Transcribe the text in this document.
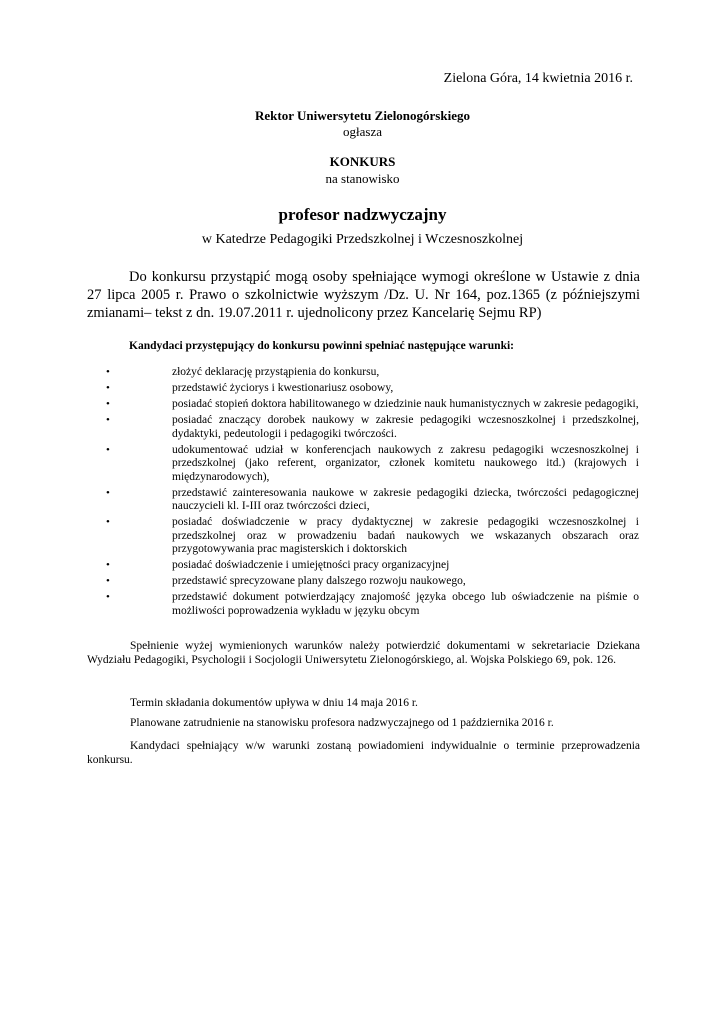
Zielona Góra, 14 kwietnia 2016 r.
Rektor Uniwersytetu Zielonogórskiego
ogłasza
KONKURS
na stanowisko
profesor nadzwyczajny
w Katedrze Pedagogiki Przedszkolnej i Wczesnoszkolnej
Do konkursu przystąpić mogą osoby spełniające wymogi określone w Ustawie z dnia 27 lipca 2005 r. Prawo o szkolnictwie wyższym /Dz. U. Nr 164, poz.1365 (z późniejszymi zmianami– tekst z dn. 19.07.2011 r. ujednolicony przez Kancelarię Sejmu RP)
Kandydaci przystępujący do konkursu powinni spełniać następujące warunki:
•	złożyć deklarację przystąpienia do konkursu,
•	przedstawić życiorys i kwestionariusz osobowy,
•	posiadać stopień doktora habilitowanego w dziedzinie nauk humanistycznych w zakresie pedagogiki,
•	posiadać znaczący dorobek naukowy w zakresie pedagogiki wczesnoszkolnej i przedszkolnej, dydaktyki, pedeutologii i pedagogiki twórczości.
•	udokumentować udział w konferencjach naukowych z zakresu pedagogiki wczesnoszkolnej i przedszkolnej (jako referent, organizator, członek komitetu naukowego itd.) (krajowych i międzynarodowych),
•	przedstawić zainteresowania naukowe w zakresie pedagogiki dziecka, twórczości pedagogicznej nauczycieli kl. I-III oraz twórczości dzieci,
•	posiadać doświadczenie w pracy dydaktycznej w zakresie pedagogiki wczesnoszkolnej i przedszkolnej oraz w prowadzeniu badań naukowych we wskazanych obszarach oraz przygotowywania prac magisterskich i doktorskich
•	posiadać doświadczenie i umiejętności pracy organizacyjnej
•	przedstawić sprecyzowane plany dalszego rozwoju naukowego,
•	przedstawić dokument potwierdzający znajomość języka obcego lub oświadczenie na piśmie o możliwości poprowadzenia wykładu w języku obcym
Spełnienie wyżej wymienionych warunków należy potwierdzić dokumentami w sekretariacie Dziekana Wydziału Pedagogiki, Psychologii i Socjologii Uniwersytetu Zielonogórskiego, al. Wojska Polskiego 69, pok. 126.
Termin składania dokumentów upływa w dniu 14 maja 2016 r.
Planowane zatrudnienie na stanowisku profesora nadzwyczajnego od 1 października 2016 r.
Kandydaci spełniający w/w warunki zostaną powiadomieni indywidualnie o terminie przeprowadzenia konkursu.
